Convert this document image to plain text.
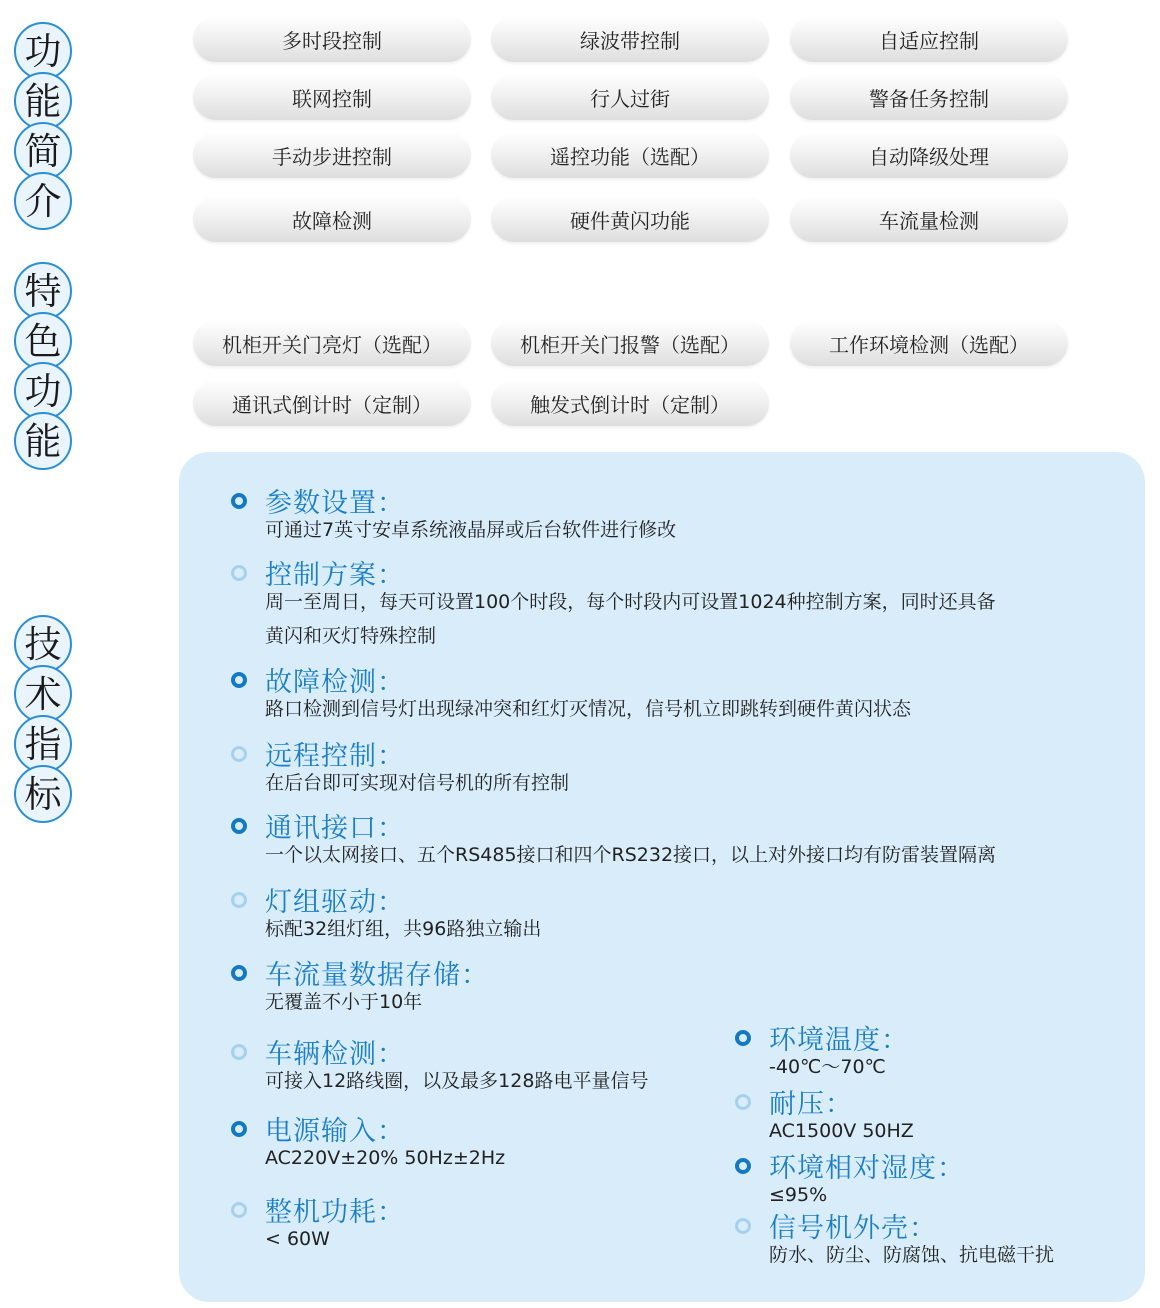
功
能
简
介
特
色
功
能
技
术
指
标
多时段控制	绿波带控制	自适应控制
联网控制	行人过街	警备任务控制
手动步进控制	遥控功能（选配）	自动降级处理
故障检测	硬件黄闪功能	车流量检测
机柜开关门亮灯（选配）	机柜开关门报警（选配）	工作环境检测（选配）
通讯式倒计时（定制）	触发式倒计时（定制）
参数设置：
可通过7英寸安卓系统液晶屏或后台软件进行修改
控制方案：
周一至周日，每天可设置100个时段，每个时段内可设置1024种控制方案，同时还具备
黄闪和灭灯特殊控制
故障检测：
路口检测到信号灯出现绿冲突和红灯灭情况，信号机立即跳转到硬件黄闪状态
远程控制：
在后台即可实现对信号机的所有控制
通讯接口：
一个以太网接口、五个RS485接口和四个RS232接口，以上对外接口均有防雷装置隔离
灯组驱动：
标配32组灯组，共96路独立输出
车流量数据存储：
无覆盖不小于10年
车辆检测：
可接入12路线圈，以及最多128路电平量信号
电源输入：
AC220V±20% 50Hz±2Hz
整机功耗：
< 60W
环境温度：
-40℃～70℃
耐压：
AC1500V 50HZ
环境相对湿度：
≤95%
信号机外壳：
防水、防尘、防腐蚀、抗电磁干扰
